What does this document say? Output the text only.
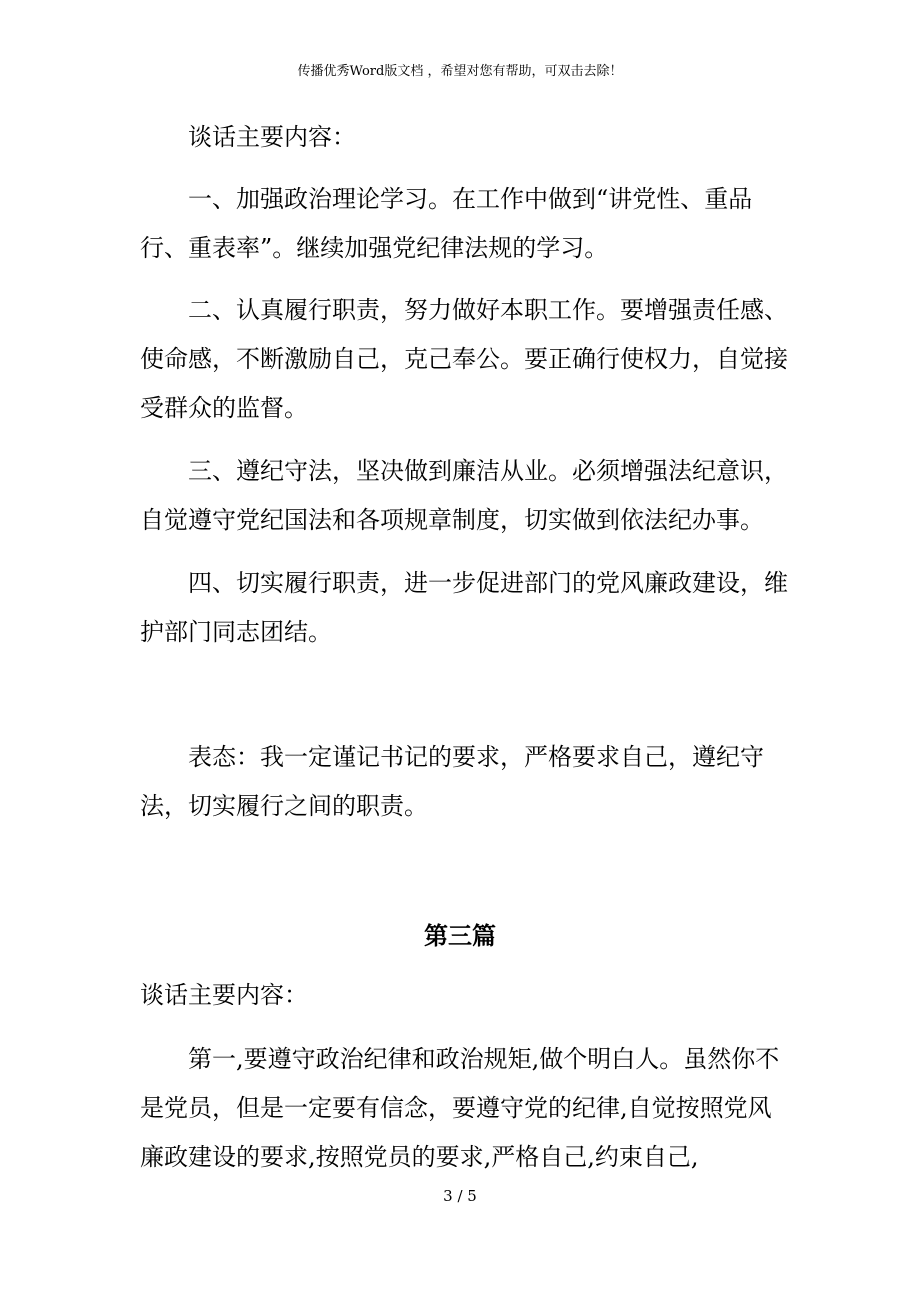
传播优秀Word版文档 ，希望对您有帮助，可双击去除！

谈话主要内容：

一、加强政治理论学习。在工作中做到“讲党性、重品行、重表率”。继续加强党纪律法规的学习。

二、认真履行职责，努力做好本职工作。要增强责任感、使命感，不断激励自己，克己奉公。要正确行使权力，自觉接受群众的监督。

三、遵纪守法，坚决做到廉洁从业。必须增强法纪意识，自觉遵守党纪国法和各项规章制度，切实做到依法纪办事。

四、切实履行职责，进一步促进部门的党风廉政建设，维护部门同志团结。

表态：我一定谨记书记的要求，严格要求自己，遵纪守法，切实履行之间的职责。

谈话主要内容：

第一,要遵守政治纪律和政治规矩,做个明白人。虽然你不是党员，但是一定要有信念，要遵守党的纪律,自觉按照党风廉政建设的要求,按照党员的要求,严格自己,约束自己,

第三篇
3 / 5
